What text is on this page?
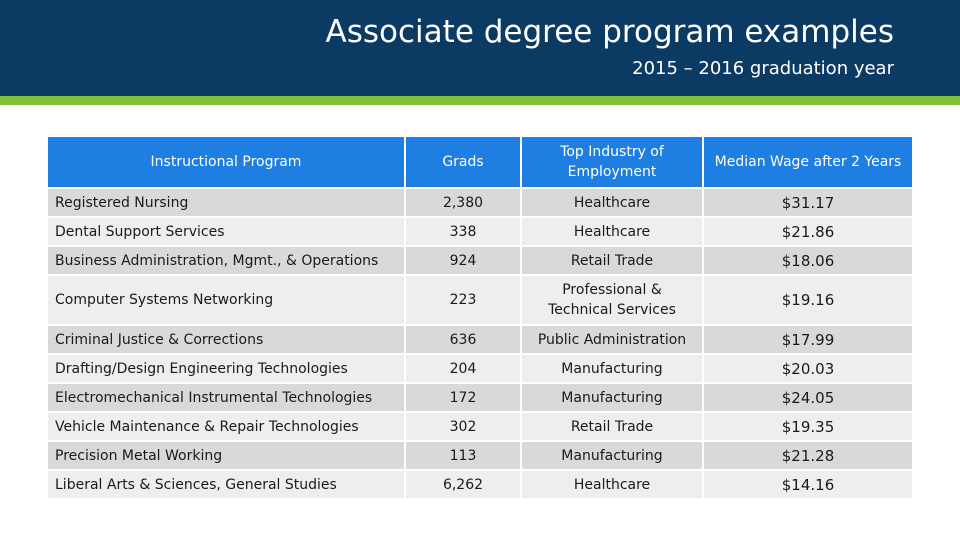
Associate degree program examples
2015 – 2016 graduation year
Instructional Program	Grads	Top Industry of Employment	Median Wage after 2 Years
Registered Nursing	2,380	Healthcare	$31.17
Dental Support Services	338	Healthcare	$21.86
Business Administration, Mgmt., & Operations	924	Retail Trade	$18.06
Computer Systems Networking	223	Professional & Technical Services	$19.16
Criminal Justice & Corrections	636	Public Administration	$17.99
Drafting/Design Engineering Technologies	204	Manufacturing	$20.03
Electromechanical Instrumental Technologies	172	Manufacturing	$24.05
Vehicle Maintenance & Repair Technologies	302	Retail Trade	$19.35
Precision Metal Working	113	Manufacturing	$21.28
Liberal Arts & Sciences, General Studies	6,262	Healthcare	$14.16
